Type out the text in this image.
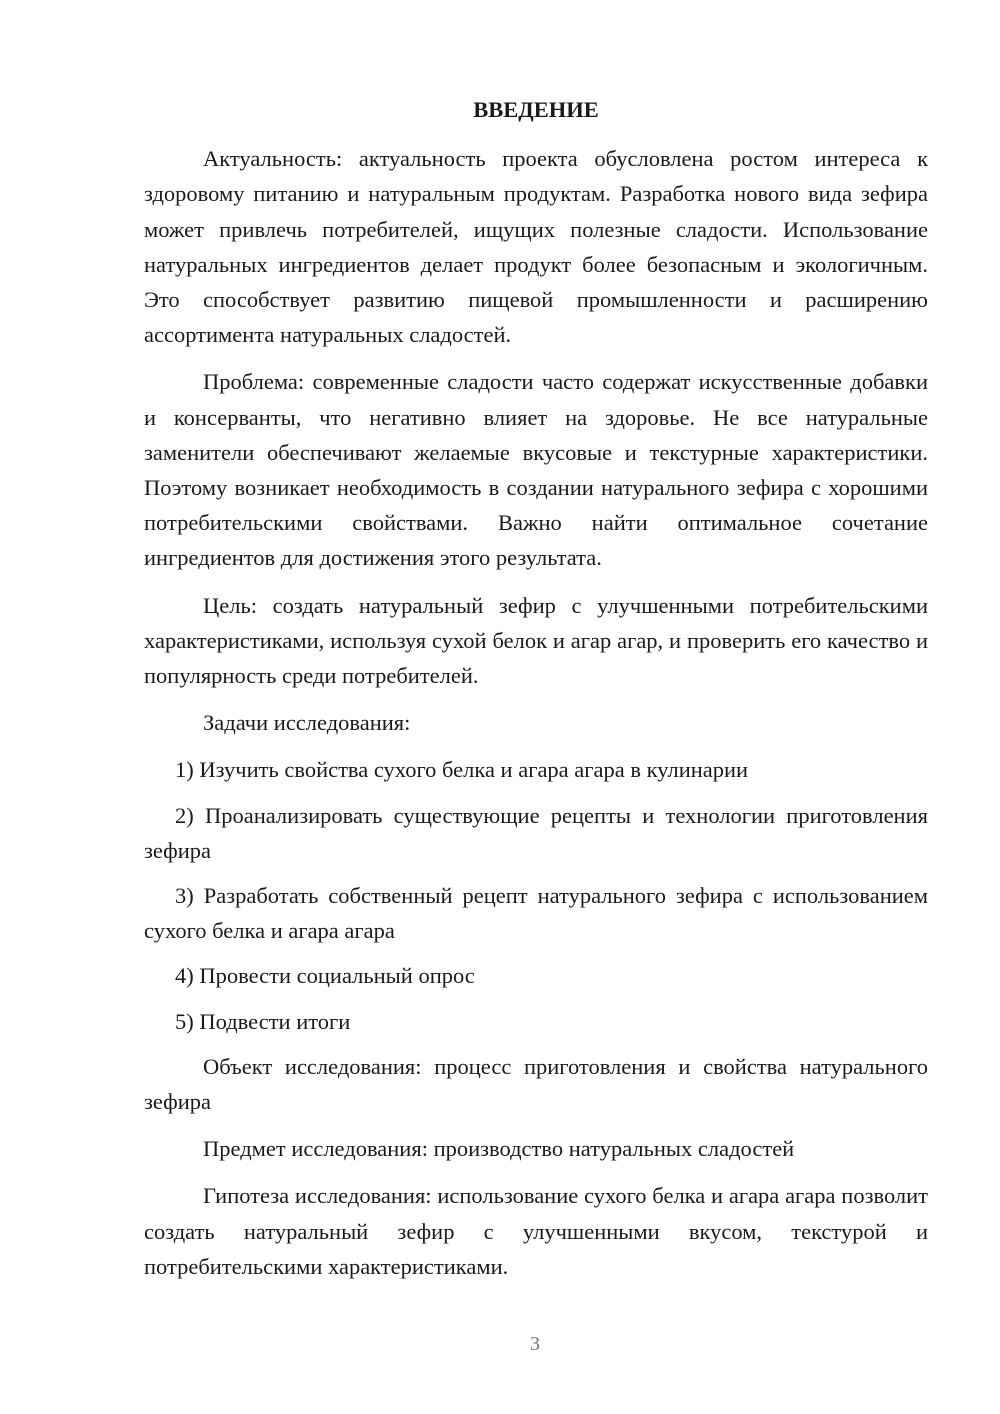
ВВЕДЕНИЕ

Актуальность: актуальность проекта обусловлена ростом интереса к здоровому питанию и натуральным продуктам. Разработка нового вида зефира может привлечь потребителей, ищущих полезные сладости. Использование натуральных ингредиентов делает продукт более безопасным и экологичным. Это способствует развитию пищевой промышленности и расширению ассортимента натуральных сладостей.

Проблема: современные сладости часто содержат искусственные добавки и консерванты, что негативно влияет на здоровье. Не все натуральные заменители обеспечивают желаемые вкусовые и текстурные характеристики. Поэтому возникает необходимость в создании натурального зефира с хорошими потребительскими свойствами. Важно найти оптимальное сочетание ингредиентов для достижения этого результата.

Цель: создать натуральный зефир с улучшенными потребительскими характеристиками, используя сухой белок и агар агар, и проверить его качество и популярность среди потребителей.

Задачи исследования:

1) Изучить свойства сухого белка и агара агара в кулинарии

2) Проанализировать существующие рецепты и технологии приготовления зефира

3) Разработать собственный рецепт натурального зефира с использованием сухого белка и агара агара

4) Провести социальный опрос

5) Подвести итоги

Объект исследования: процесс приготовления и свойства натурального зефира

Предмет исследования: производство натуральных сладостей

Гипотеза исследования: использование сухого белка и агара агара позволит создать натуральный зефир с улучшенными вкусом, текстурой и потребительскими характеристиками.

3
